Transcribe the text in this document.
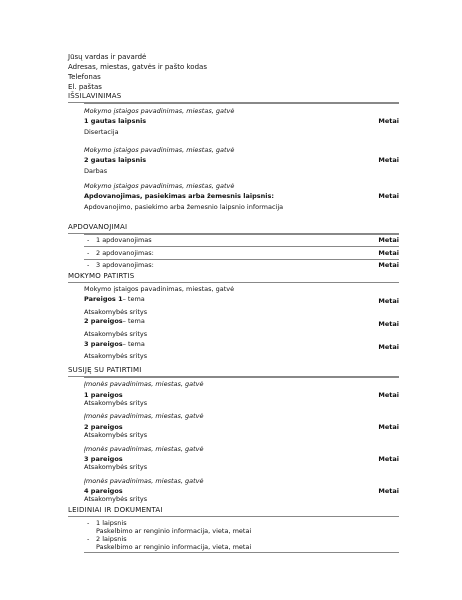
Jūsų vardas ir pavardė
Adresas, miestas, gatvės ir pašto kodas
Telefonas
El. paštas
IŠSILAVINIMAS
Mokymo įstaigos pavadinimas, miestas, gatvė
1 gautas laipsnis	Metai
Disertacija
Mokymo įstaigos pavadinimas, miestas, gatvė
2 gautas laipsnis	Metai
Darbas
Mokymo įstaigos pavadinimas, miestas, gatvė
Apdovanojimas, pasiekimas arba žemesnis laipsnis:	Metai
Apdovanojimo, pasiekimo arba žemesnio laipsnio informacija
APDOVANOJIMAI
- 1 apdovanojimas	Metai
- 2 apdovanojimas:	Metai
- 3 apdovanojimas:	Metai
MOKYMO PATIRTIS
Mokymo įstaigos pavadinimas, miestas, gatvė
Pareigos 1– tema	Metai
Atsakomybės sritys
2 pareigos– tema	Metai
Atsakomybės sritys
3 pareigos– tema	Metai
Atsakomybės sritys
SUSIJĘ SU PATIRTIMI
Įmonės pavadinimas, miestas, gatvė
1 pareigos	Metai
Atsakomybės sritys
Įmonės pavadinimas, miestas, gatvė
2 pareigos	Metai
Atsakomybės sritys
Įmonės pavadinimas, miestas, gatvė
3 pareigos	Metai
Atsakomybės sritys
Įmonės pavadinimas, miestas, gatvė
4 pareigos	Metai
Atsakomybės sritys
LEIDINIAI IR DOKUMENTAI
- 1 laipsnis
Paskelbimo ar renginio informacija, vieta, metai
- 2 laipsnis
Paskelbimo ar renginio informacija, vieta, metai
